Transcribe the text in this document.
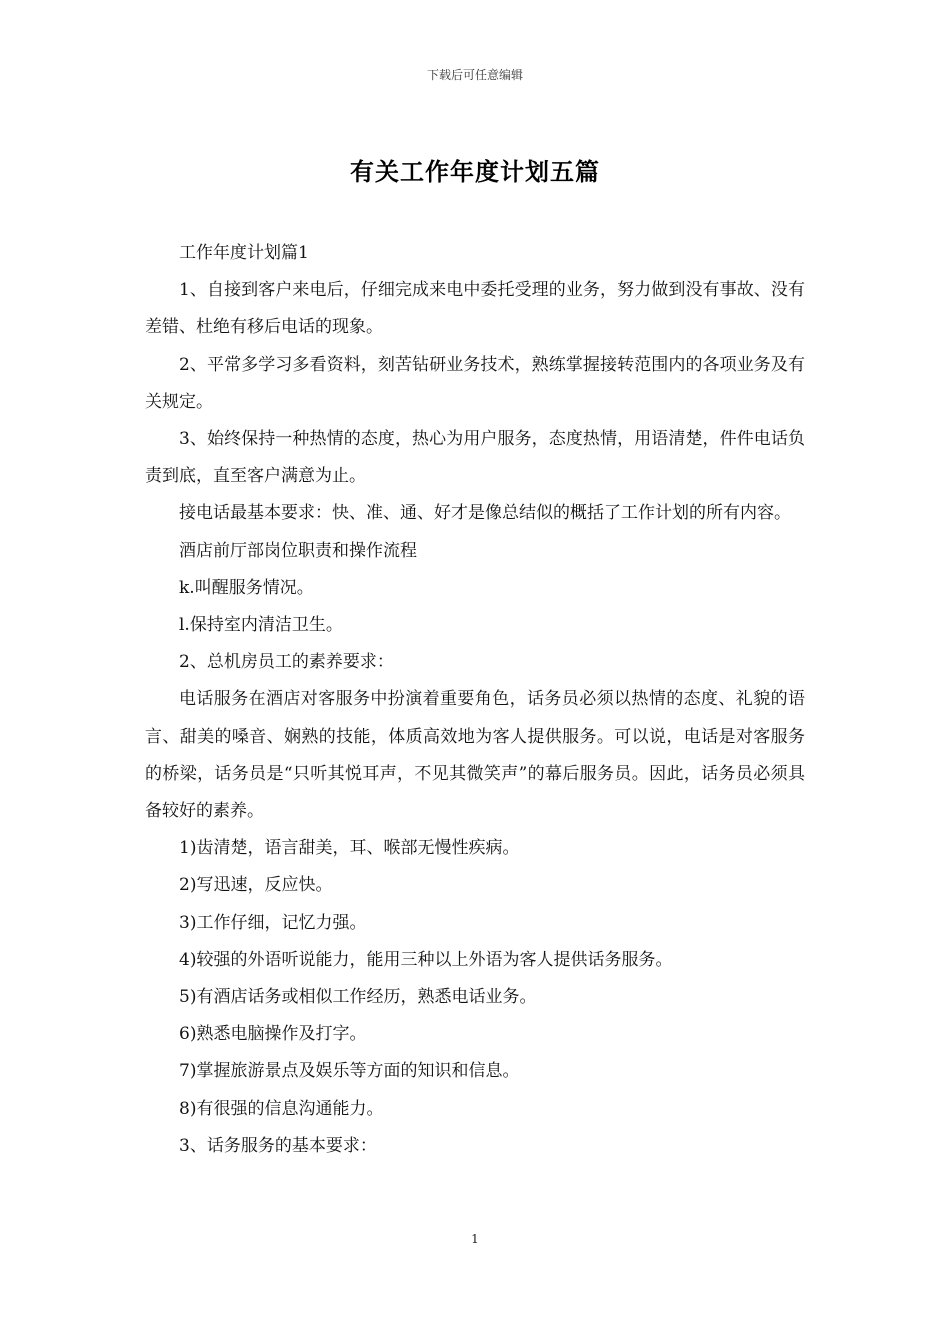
下载后可任意编辑
有关工作年度计划五篇

工作年度计划篇1

1、自接到客户来电后，仔细完成来电中委托受理的业务，努力做到没有事故、没有差错、杜绝有移后电话的现象。

2、平常多学习多看资料，刻苦钻研业务技术，熟练掌握接转范围内的各项业务及有关规定。

3、始终保持一种热情的态度，热心为用户服务，态度热情，用语清楚，件件电话负责到底，直至客户满意为止。

接电话最基本要求：快、准、通、好才是像总结似的概括了工作计划的所有内容。

酒店前厅部岗位职责和操作流程

k.叫醒服务情况。

l.保持室内清洁卫生。

2、总机房员工的素养要求：

电话服务在酒店对客服务中扮演着重要角色，话务员必须以热情的态度、礼貌的语言、甜美的嗓音、娴熟的技能，体质高效地为客人提供服务。可以说，电话是对客服务的桥梁，话务员是“只听其悦耳声，不见其微笑声”的幕后服务员。因此，话务员必须具备较好的素养。

1)齿清楚，语言甜美，耳、喉部无慢性疾病。

2)写迅速，反应快。

3)工作仔细，记忆力强。

4)较强的外语听说能力，能用三种以上外语为客人提供话务服务。

5)有酒店话务或相似工作经历，熟悉电话业务。

6)熟悉电脑操作及打字。

7)掌握旅游景点及娱乐等方面的知识和信息。

8)有很强的信息沟通能力。

3、话务服务的基本要求：

1
